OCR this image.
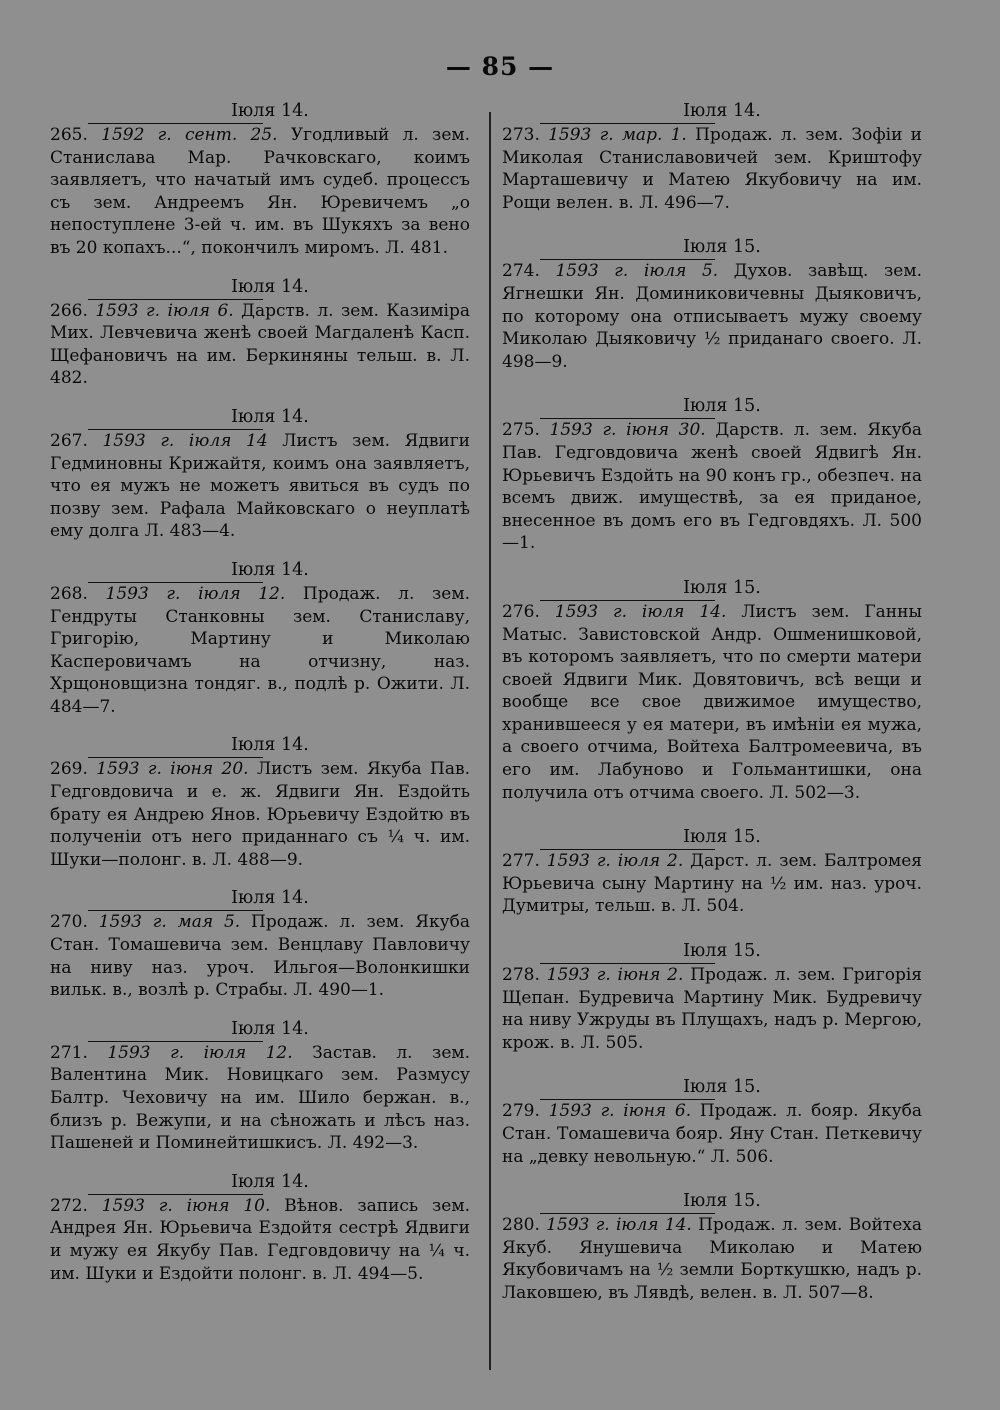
— 85 —
Іюля 14.

265. 1592 г. сент. 25. Угодливый л. зем. Станислава Мар. Рачковскаго, коимъ заявляетъ, что начатый имъ судеб. процессъ съ зем. Андреемъ Ян. Юревичемъ „о непоступлене 3-ей ч. им. въ Шукяхъ за вено въ 20 копахъ...“, покончилъ миромъ. Л. 481.

Іюля 14.

266. 1593 г. іюля 6. Дарств. л. зем. Казиміра Мих. Левчевича женѣ своей Магдаленѣ Касп. Щефановичъ на им. Беркиняны тельш. в. Л. 482.

Іюля 14.

267. 1593 г. іюля 14 Листъ зем. Ядвиги Гедминовны Крижайтя, коимъ она заявляетъ, что ея мужъ не можетъ явиться въ судъ по позву зем. Рафала Майковскаго о неуплатѣ ему долга Л. 483—4.

Іюля 14.

268. 1593 г. іюля 12. Продаж. л. зем. Гендруты Станковны зем. Станиславу, Григорію, Мартину и Миколаю Касперовичамъ на отчизну, наз. Хрщоновщизна тондяг. в., подлѣ р. Ожити. Л. 484—7.

Іюля 14.

269. 1593 г. іюня 20. Листъ зем. Якуба Пав. Гедговдовича и е. ж. Ядвиги Ян. Ездойть брату ея Андрею Янов. Юрьевичу Ездойтю въ полученіи отъ него приданнаго съ ¼ ч. им. Шуки—полонг. в. Л. 488—9.

Іюля 14.

270. 1593 г. мая 5. Продаж. л. зем. Якуба Стан. Томашевича зем. Венцлаву Павловичу на ниву наз. уроч. Ильгоя—Волонкишки вильк. в., возлѣ р. Страбы. Л. 490—1.

Іюля 14.

271. 1593 г. іюля 12. Застав. л. зем. Валентина Мик. Новицкаго зем. Размусу Балтр. Чеховичу на им. Шило бержан. в., близъ р. Вежупи, и на сѣножать и лѣсъ наз. Пашеней и Поминейтишкисъ. Л. 492—3.

Іюля 14.

272. 1593 г. іюня 10. Вѣнов. запись зем. Андрея Ян. Юрьевича Ездойтя сестрѣ Ядвиги и мужу ея Якубу Пав. Гедговдовичу на ¼ ч. им. Шуки и Ездойти полонг. в. Л. 494—5.

Іюля 14.

273. 1593 г. мар. 1. Продаж. л. зем. Зофіи и Миколая Станиславовичей зем. Криштофу Марташевичу и Матею Якубовичу на им. Рощи велен. в. Л. 496—7.

Іюля 15.

274. 1593 г. іюля 5. Духов. завѣщ. зем. Ягнешки Ян. Доминиковичевны Дыяковичъ, по которому она отписываетъ мужу своему Миколаю Дыяковичу ½ приданаго своего. Л. 498—9.

Іюля 15.

275. 1593 г. іюня 30. Дарств. л. зем. Якуба Пав. Гедговдовича женѣ своей Ядвигѣ Ян. Юрьевичъ Ездойть на 90 конъ гр., обезпеч. на всемъ движ. имуществѣ, за ея приданое, внесенное въ домъ его въ Гедговдяхъ. Л. 500—1.

Іюля 15.

276. 1593 г. іюля 14. Листъ зем. Ганны Матыс. Завистовской Андр. Ошменишковой, въ которомъ заявляетъ, что по смерти матери своей Ядвиги Мик. Довятовичъ, всѣ вещи и вообще все свое движимое имущество, хранившееся у ея матери, въ имѣніи ея мужа, а своего отчима, Войтеха Балтромеевича, въ его им. Лабуново и Гольмантишки, она получила отъ отчима своего. Л. 502—3.

Іюля 15.

277. 1593 г. іюля 2. Дарст. л. зем. Балтромея Юрьевича сыну Мартину на ½ им. наз. уроч. Думитры, тельш. в. Л. 504.

Іюля 15.

278. 1593 г. іюня 2. Продаж. л. зем. Григорія Щепан. Будревича Мартину Мик. Будревичу на ниву Ужруды въ Плущахъ, надъ р. Мергою, крож. в. Л. 505.

Іюля 15.

279. 1593 г. іюня 6. Продаж. л. бояр. Якуба Стан. Томашевича бояр. Яну Стан. Петкевичу на „девку невольную.“ Л. 506.

Іюля 15.

280. 1593 г. іюля 14. Продаж. л. зем. Войтеха Якуб. Янушевича Миколаю и Матею Якубовичамъ на ½ земли Борткушкю, надъ р. Лаковшею, въ Лявдѣ, велен. в. Л. 507—8.
